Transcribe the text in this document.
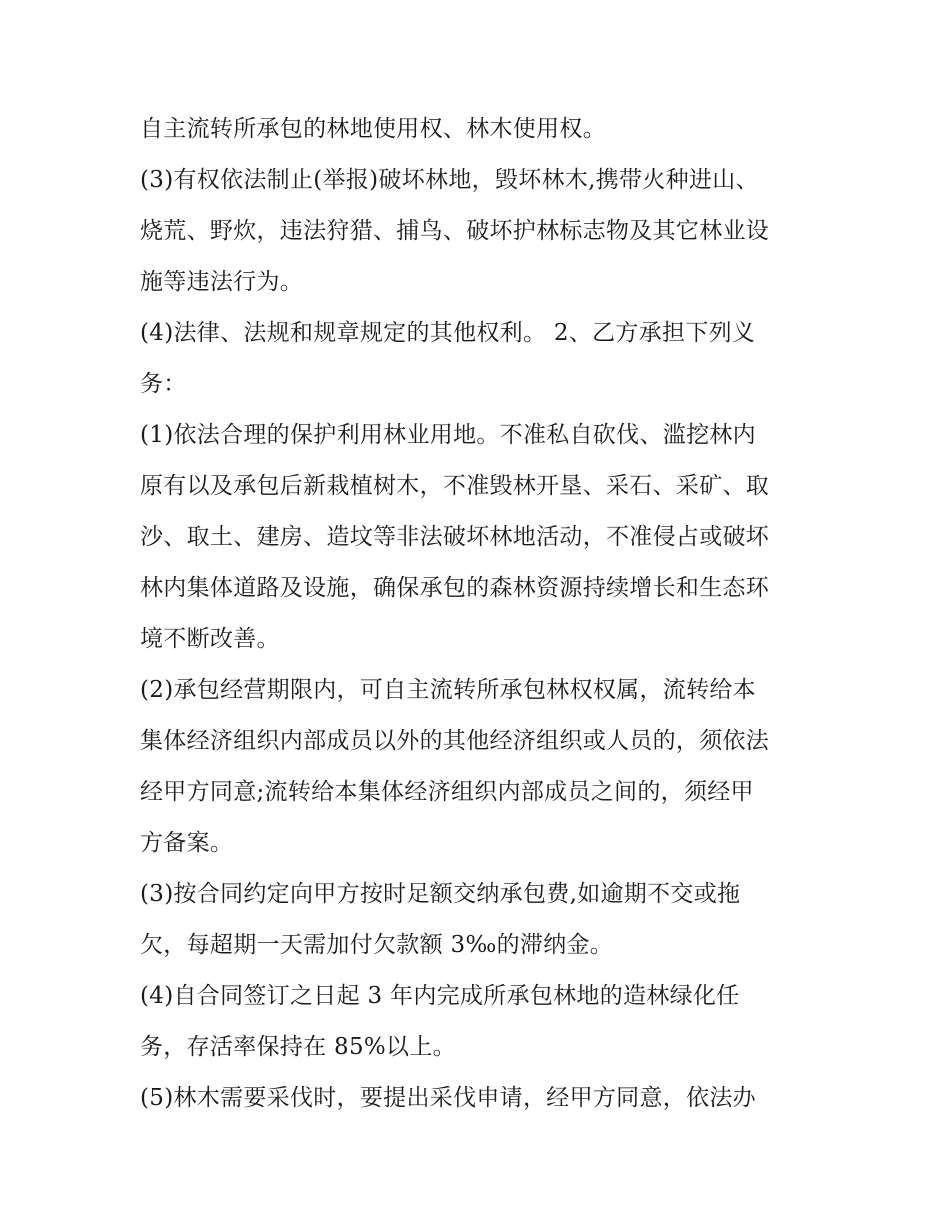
自主流转所承包的林地使用权、林木使用权。
(3)有权依法制止(举报)破坏林地，毁坏林木,携带火种进山、
烧荒、野炊，违法狩猎、捕鸟、破坏护林标志物及其它林业设
施等违法行为。
(4)法律、法规和规章规定的其他权利。 2、乙方承担下列义
务：
(1)依法合理的保护利用林业用地。不准私自砍伐、滥挖林内
原有以及承包后新栽植树木，不准毁林开垦、采石、采矿、取
沙、取土、建房、造坟等非法破坏林地活动，不准侵占或破坏
林内集体道路及设施，确保承包的森林资源持续增长和生态环
境不断改善。
(2)承包经营期限内，可自主流转所承包林权权属，流转给本
集体经济组织内部成员以外的其他经济组织或人员的，须依法
经甲方同意;流转给本集体经济组织内部成员之间的，须经甲
方备案。
(3)按合同约定向甲方按时足额交纳承包费,如逾期不交或拖
欠，每超期一天需加付欠款额 3‰的滞纳金。
(4)自合同签订之日起 3 年内完成所承包林地的造林绿化任
务，存活率保持在 85%以上。
(5)林木需要采伐时，要提出采伐申请，经甲方同意，依法办
